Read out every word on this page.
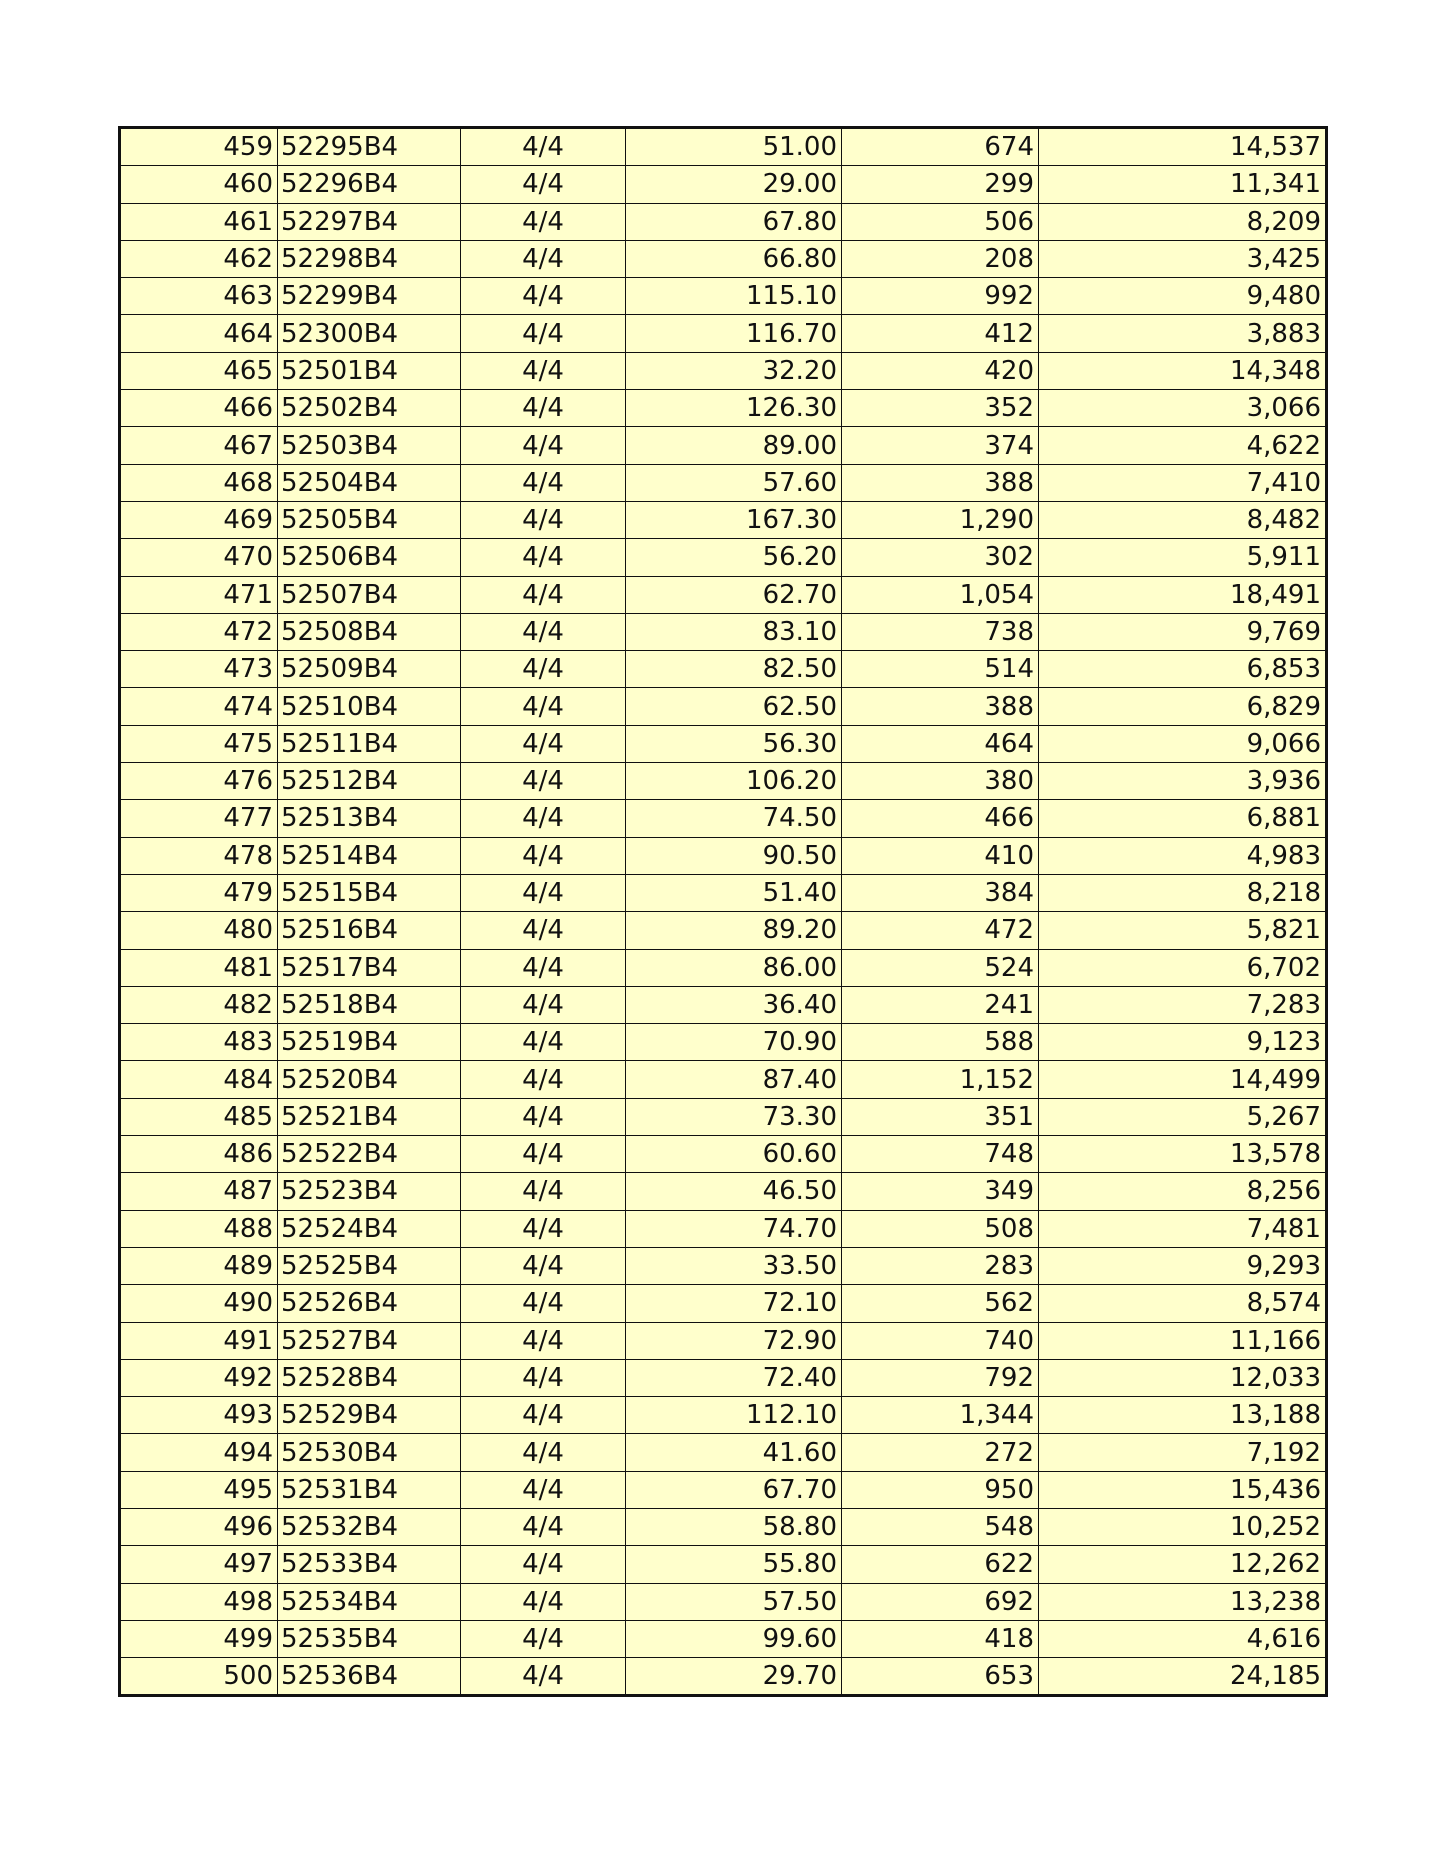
459	52295B4	4/4	51.00	674	14,537
460	52296B4	4/4	29.00	299	11,341
461	52297B4	4/4	67.80	506	8,209
462	52298B4	4/4	66.80	208	3,425
463	52299B4	4/4	115.10	992	9,480
464	52300B4	4/4	116.70	412	3,883
465	52501B4	4/4	32.20	420	14,348
466	52502B4	4/4	126.30	352	3,066
467	52503B4	4/4	89.00	374	4,622
468	52504B4	4/4	57.60	388	7,410
469	52505B4	4/4	167.30	1,290	8,482
470	52506B4	4/4	56.20	302	5,911
471	52507B4	4/4	62.70	1,054	18,491
472	52508B4	4/4	83.10	738	9,769
473	52509B4	4/4	82.50	514	6,853
474	52510B4	4/4	62.50	388	6,829
475	52511B4	4/4	56.30	464	9,066
476	52512B4	4/4	106.20	380	3,936
477	52513B4	4/4	74.50	466	6,881
478	52514B4	4/4	90.50	410	4,983
479	52515B4	4/4	51.40	384	8,218
480	52516B4	4/4	89.20	472	5,821
481	52517B4	4/4	86.00	524	6,702
482	52518B4	4/4	36.40	241	7,283
483	52519B4	4/4	70.90	588	9,123
484	52520B4	4/4	87.40	1,152	14,499
485	52521B4	4/4	73.30	351	5,267
486	52522B4	4/4	60.60	748	13,578
487	52523B4	4/4	46.50	349	8,256
488	52524B4	4/4	74.70	508	7,481
489	52525B4	4/4	33.50	283	9,293
490	52526B4	4/4	72.10	562	8,574
491	52527B4	4/4	72.90	740	11,166
492	52528B4	4/4	72.40	792	12,033
493	52529B4	4/4	112.10	1,344	13,188
494	52530B4	4/4	41.60	272	7,192
495	52531B4	4/4	67.70	950	15,436
496	52532B4	4/4	58.80	548	10,252
497	52533B4	4/4	55.80	622	12,262
498	52534B4	4/4	57.50	692	13,238
499	52535B4	4/4	99.60	418	4,616
500	52536B4	4/4	29.70	653	24,185
